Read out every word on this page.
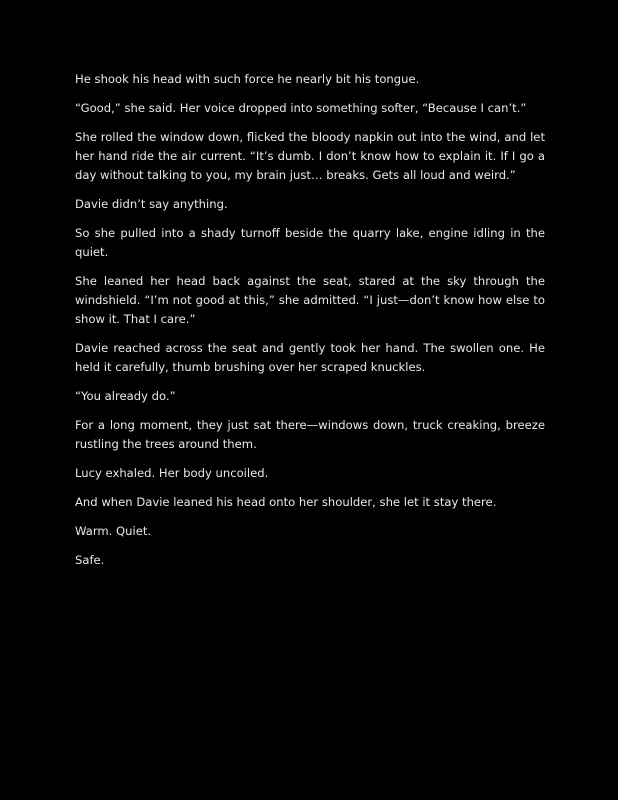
He shook his head with such force he nearly bit his tongue.

“Good,” she said. Her voice dropped into something softer, “Because I can’t.”

She rolled the window down, flicked the bloody napkin out into the wind, and let her hand ride the air current. “It’s dumb. I don’t know how to explain it. If I go a day without talking to you, my brain just… breaks. Gets all loud and weird.”

Davie didn’t say anything.

So she pulled into a shady turnoff beside the quarry lake, engine idling in the quiet.

She leaned her head back against the seat, stared at the sky through the windshield. “I’m not good at this,” she admitted. “I just—don’t know how else to show it. That I care.”

Davie reached across the seat and gently took her hand. The swollen one. He held it carefully, thumb brushing over her scraped knuckles.

“You already do.”

For a long moment, they just sat there—windows down, truck creaking, breeze rustling the trees around them.

Lucy exhaled. Her body uncoiled.

And when Davie leaned his head onto her shoulder, she let it stay there.

Warm. Quiet.

Safe.
